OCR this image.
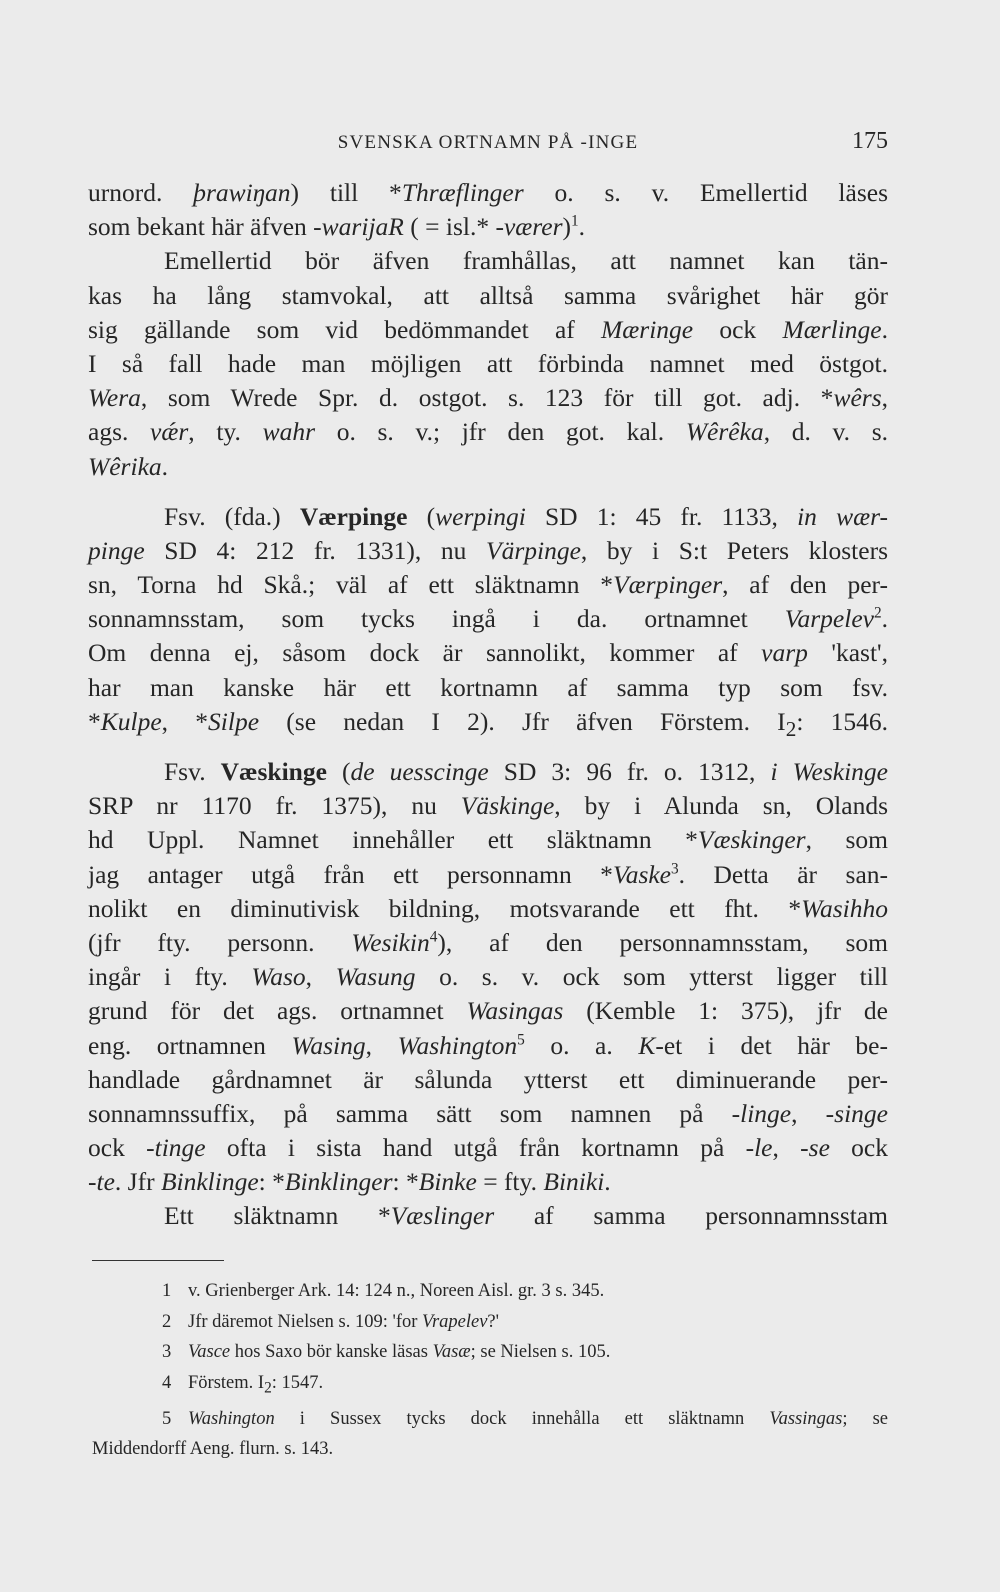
SVENSKA ORTNAMN PÅ -INGE	175
urnord. þrawiŋan) till *Thræflinger o. s. v. Emellertid läses
som bekant här äfven -warijaR ( = isl.* -værer)$^1$.
Emellertid bör äfven framhållas, att namnet kan tän-
kas ha lång stamvokal, att alltså samma svårighet här gör
sig gällande som vid bedömmandet af Mæringe ock Mærlinge.
I så fall hade man möjligen att förbinda namnet med östgot.
Wera, som Wrede Spr. d. ostgot. s. 123 för till got. adj. *wêrs,
ags. vǽr, ty. wahr o. s. v.; jfr den got. kal. Wêrêka, d. v. s.
Wêrika.
Fsv. (fda.) Værpinge (werpingi SD 1: 45 fr. 1133, in wær-
pinge SD 4: 212 fr. 1331), nu Värpinge, by i S:t Peters klosters
sn, Torna hd Skå.; väl af ett släktnamn *Værpinger, af den per-
sonnamnsstam, som tycks ingå i da. ortnamnet Varpelev$^2$.
Om denna ej, såsom dock är sannolikt, kommer af varp 'kast',
har man kanske här ett kortnamn af samma typ som fsv.
*Kulpe, *Silpe (se nedan I 2). Jfr äfven Förstem. $I_2$: 1546.
Fsv. Væskinge (de uesscinge SD 3: 96 fr. o. 1312, i Weskinge
SRP nr 1170 fr. 1375), nu Väskinge, by i Alunda sn, Olands
hd Uppl. Namnet innehåller ett släktnamn *Væskinger, som
jag antager utgå från ett personnamn *Vaske$^3$. Detta är san-
nolikt en diminutivisk bildning, motsvarande ett fht. *Wasihho
(jfr fty. personn. Wesikin$^4$), af den personnamnsstam, som
ingår i fty. Waso, Wasung o. s. v. ock som ytterst ligger till
grund för det ags. ortnamnet Wasingas (Kemble 1: 375), jfr de
eng. ortnamnen Wasing, Washington$^5$ o. a. K-et i det här be-
handlade gårdnamnet är sålunda ytterst ett diminuerande per-
sonnamnssuffix, på samma sätt som namnen på -linge, -singe
ock -tinge ofta i sista hand utgå från kortnamn på -le, -se ock
-te. Jfr Binklinge: *Binklinger: *Binke = fty. Biniki.
Ett släktnamn *Væslinger af samma personnamnsstam
1 v. Grienberger Ark. 14: 124 n., Noreen Aisl. gr. 3 s. 345.
2 Jfr däremot Nielsen s. 109: 'for Vrapelev?'
3 Vasce hos Saxo bör kanske läsas Vasæ; se Nielsen s. 105.
4 Förstem. $I_2$: 1547.
5 Washington i Sussex tycks dock innehålla ett släktnamn Vassingas; se
Middendorff Aeng. flurn. s. 143.
